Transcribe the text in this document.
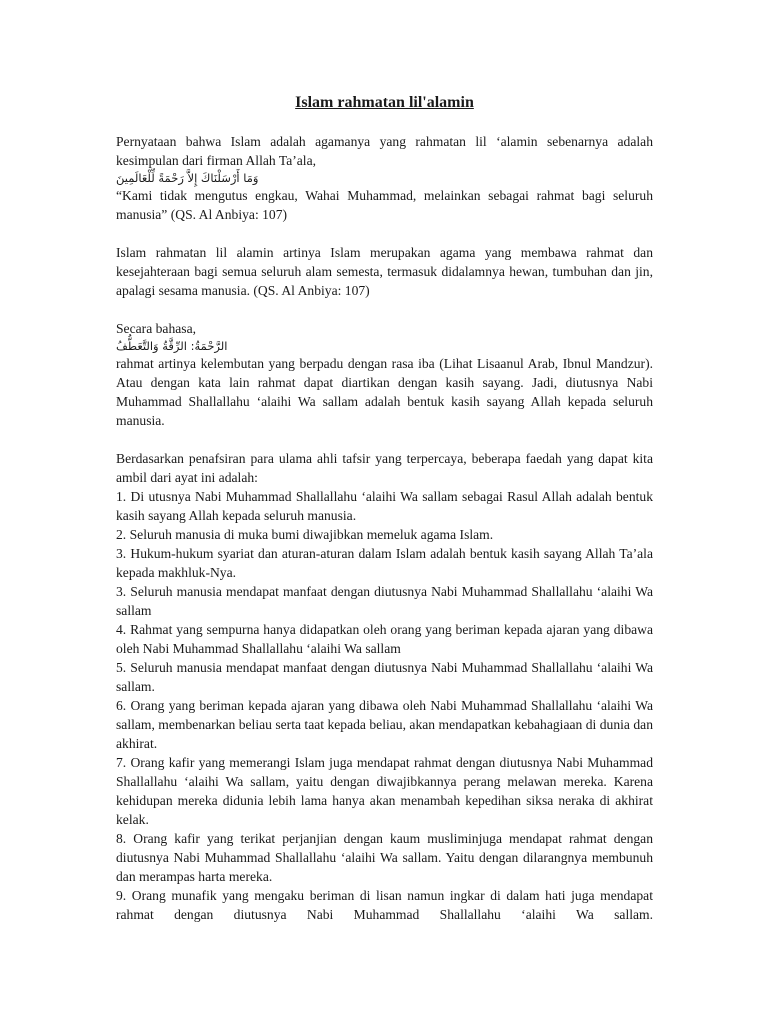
Islam rahmatan lil'alamin

Pernyataan bahwa Islam adalah agamanya yang rahmatan lil ‘alamin sebenarnya adalah kesimpulan dari firman Allah Ta’ala,

وَمَا أَرْسَلْنَاكَ إِلاَّ رَحْمَةً لِّلْعَالَمِينَ

“Kami tidak mengutus engkau, Wahai Muhammad, melainkan sebagai rahmat bagi seluruh manusia” (QS. Al Anbiya: 107)

Islam rahmatan lil alamin artinya Islam merupakan agama yang membawa rahmat dan kesejahteraan bagi semua seluruh alam semesta, termasuk didalamnya hewan, tumbuhan dan jin, apalagi sesama manusia. (QS. Al Anbiya: 107)

Secara bahasa,

الرَّحْمَةُ: الرِّقَّةُ وَالتَّعَطُّفُ

rahmat artinya kelembutan yang berpadu dengan rasa iba (Lihat Lisaanul Arab, Ibnul Mandzur). Atau dengan kata lain rahmat dapat diartikan dengan kasih sayang. Jadi, diutusnya Nabi Muhammad Shallallahu ‘alaihi Wa sallam adalah bentuk kasih sayang Allah kepada seluruh manusia.

Berdasarkan penafsiran para ulama ahli tafsir yang terpercaya, beberapa faedah yang dapat kita ambil dari ayat ini adalah:

1. Di utusnya Nabi Muhammad Shallallahu ‘alaihi Wa sallam sebagai Rasul Allah adalah bentuk kasih sayang Allah kepada seluruh manusia.

2. Seluruh manusia di muka bumi diwajibkan memeluk agama Islam.

3. Hukum-hukum syariat dan aturan-aturan dalam Islam adalah bentuk kasih sayang Allah Ta’ala kepada makhluk-Nya.

3. Seluruh manusia mendapat manfaat dengan diutusnya Nabi Muhammad Shallallahu ‘alaihi Wa sallam

4. Rahmat yang sempurna hanya didapatkan oleh orang yang beriman kepada ajaran yang dibawa oleh Nabi Muhammad Shallallahu ‘alaihi Wa sallam

5. Seluruh manusia mendapat manfaat dengan diutusnya Nabi Muhammad Shallallahu ‘alaihi Wa sallam.

6. Orang yang beriman kepada ajaran yang dibawa oleh Nabi Muhammad Shallallahu ‘alaihi Wa sallam, membenarkan beliau serta taat kepada beliau, akan mendapatkan kebahagiaan di dunia dan akhirat.

7. Orang kafir yang memerangi Islam juga mendapat rahmat dengan diutusnya Nabi Muhammad Shallallahu ‘alaihi Wa sallam, yaitu dengan diwajibkannya perang melawan mereka. Karena kehidupan mereka didunia lebih lama hanya akan menambah kepedihan siksa neraka di akhirat kelak.

8. Orang kafir yang terikat perjanjian dengan kaum musliminjuga mendapat rahmat dengan diutusnya Nabi Muhammad Shallallahu ‘alaihi Wa sallam. Yaitu dengan dilarangnya membunuh dan merampas harta mereka.

9. Orang munafik yang mengaku beriman di lisan namun ingkar di dalam hati juga mendapat rahmat dengan diutusnya Nabi Muhammad Shallallahu ‘alaihi Wa sallam.
